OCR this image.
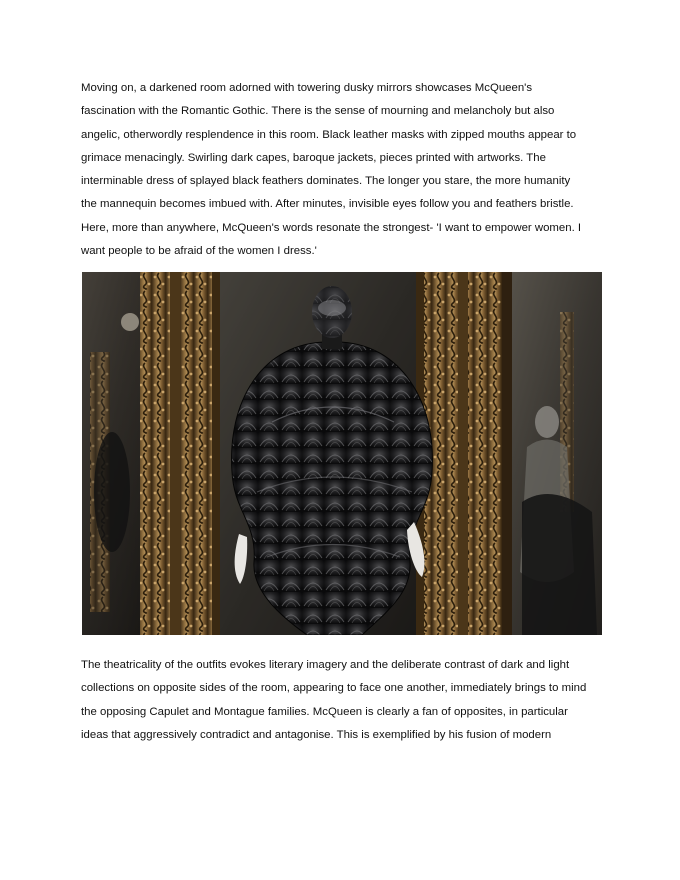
Moving on, a darkened room adorned with towering dusky mirrors showcases McQueen's
fascination with the Romantic Gothic. There is the sense of mourning and melancholy but also
angelic, otherwordly resplendence in this room. Black leather masks with zipped mouths appear to
grimace menacingly. Swirling dark capes, baroque jackets, pieces printed with artworks. The
interminable dress of splayed black feathers dominates. The longer you stare, the more humanity
the mannequin becomes imbued with. After minutes, invisible eyes follow you and feathers bristle.
Here, more than anywhere, McQueen's words resonate the strongest- 'I want to empower women. I
want people to be afraid of the women I dress.'

The theatricality of the outfits evokes literary imagery and the deliberate contrast of dark and light
collections on opposite sides of the room, appearing to face one another, immediately brings to mind
the opposing Capulet and Montague families. McQueen is clearly a fan of opposites, in particular
ideas that aggressively contradict and antagonise. This is exemplified by his fusion of modern
